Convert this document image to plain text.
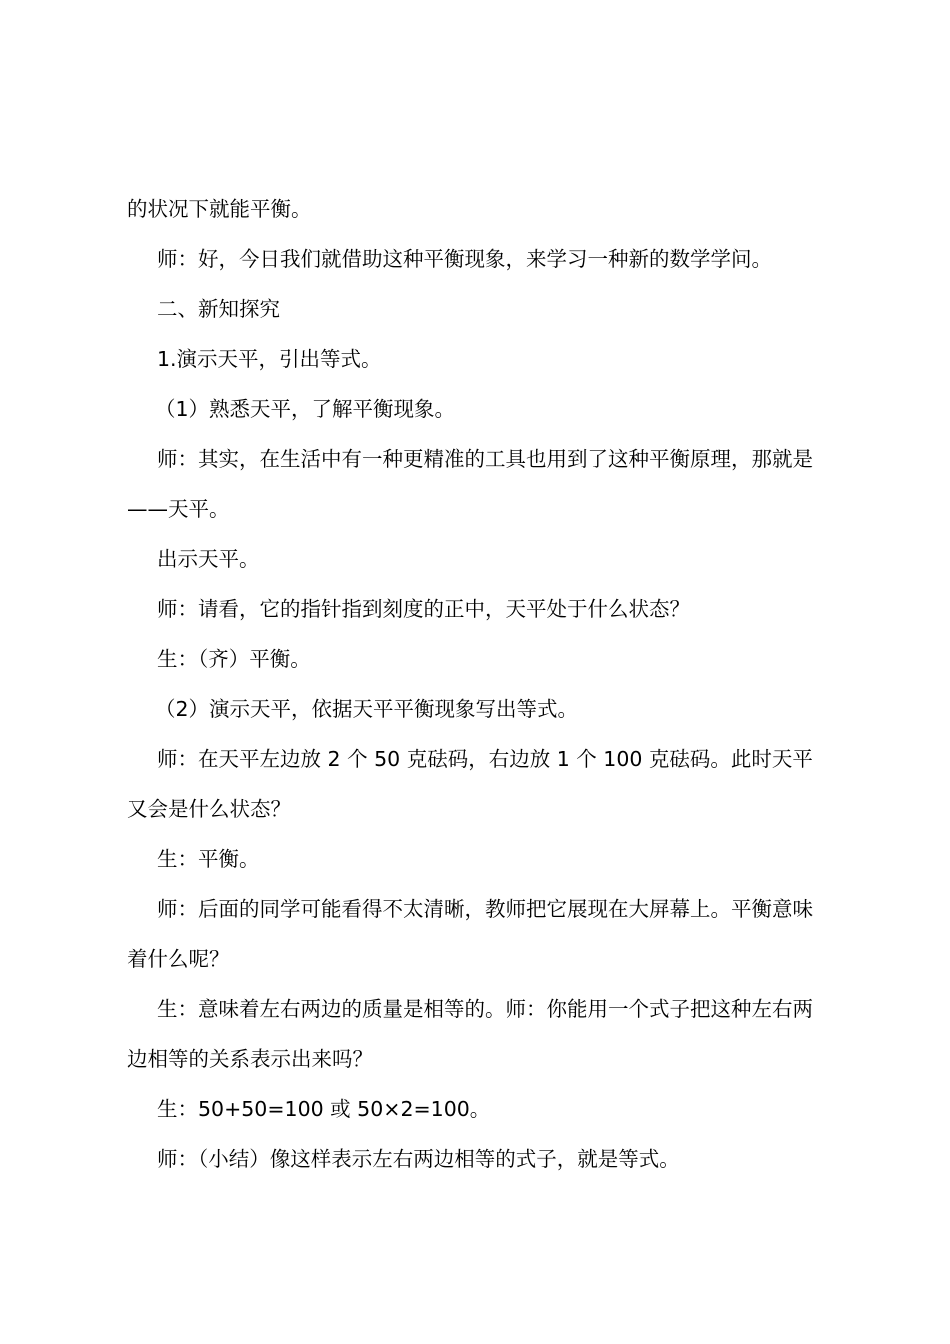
的状况下就能平衡。

师：好，今日我们就借助这种平衡现象，来学习一种新的数学学问。

二、新知探究

1.演示天平，引出等式。

（1）熟悉天平，了解平衡现象。

师：其实，在生活中有一种更精准的工具也用到了这种平衡原理，那就是——天平。

出示天平。

师：请看，它的指针指到刻度的正中，天平处于什么状态？

生：（齐）平衡。

（2）演示天平，依据天平平衡现象写出等式。

师：在天平左边放 2 个 50 克砝码，右边放 1 个 100 克砝码。此时天平又会是什么状态？

生：平衡。

师：后面的同学可能看得不太清晰，教师把它展现在大屏幕上。平衡意味着什么呢？

生：意味着左右两边的质量是相等的。师：你能用一个式子把这种左右两边相等的关系表示出来吗？

生：50+50=100 或 50×2=100。

师：（小结）像这样表示左右两边相等的式子，就是等式。
